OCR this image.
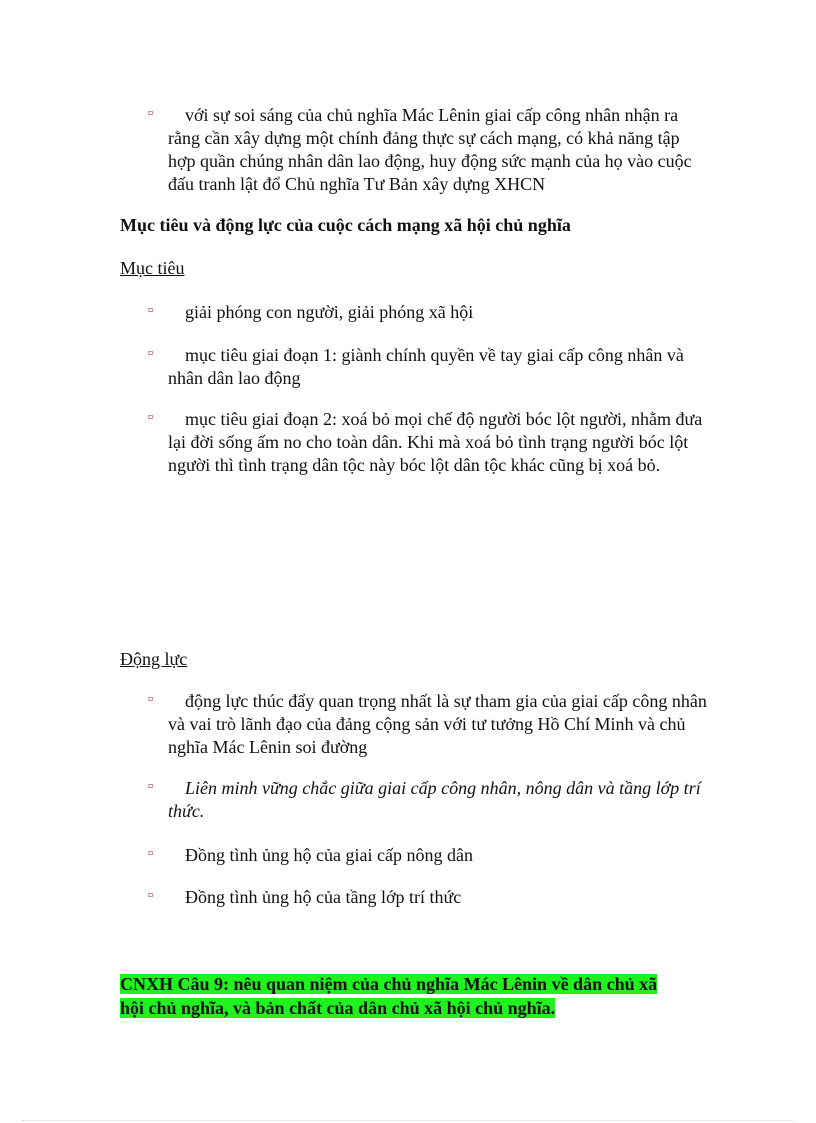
▫	với sự soi sáng của chủ nghĩa Mác Lênin giai cấp công nhân nhận ra rằng cần xây dựng một chính đảng thực sự cách mạng, có khả năng tập hợp quần chúng nhân dân lao động, huy động sức mạnh của họ vào cuộc đấu tranh lật đổ Chủ nghĩa Tư Bản xây dựng XHCN
Mục tiêu và động lực của cuộc cách mạng xã hội chủ nghĩa
Mục tiêu
▫	giải phóng con người, giải phóng xã hội
▫	mục tiêu giai đoạn 1: giành chính quyền về tay giai cấp công nhân và nhân dân lao động
▫	mục tiêu giai đoạn 2: xoá bỏ mọi chế độ người bóc lột người, nhằm đưa lại đời sống ấm no cho toàn dân. Khi mà xoá bỏ tình trạng người bóc lột người thì tình trạng dân tộc này bóc lột dân tộc khác cũng bị xoá bỏ.
Động lực
▫	động lực thúc đẩy quan trọng nhất là sự tham gia của giai cấp công nhân và vai trò lãnh đạo của đảng cộng sản với tư tưởng Hồ Chí Minh và chủ nghĩa Mác Lênin soi đường
▫	Liên minh vững chắc giữa giai cấp công nhân, nông dân và tầng lớp trí thức.
▫	Đồng tình ủng hộ của giai cấp nông dân
▫	Đồng tình ủng hộ của tầng lớp trí thức
CNXH Câu 9: nêu quan niệm của chủ nghĩa Mác Lênin về dân chủ xã
hội chủ nghĩa, và bản chất của dân chủ xã hội chủ nghĩa.
